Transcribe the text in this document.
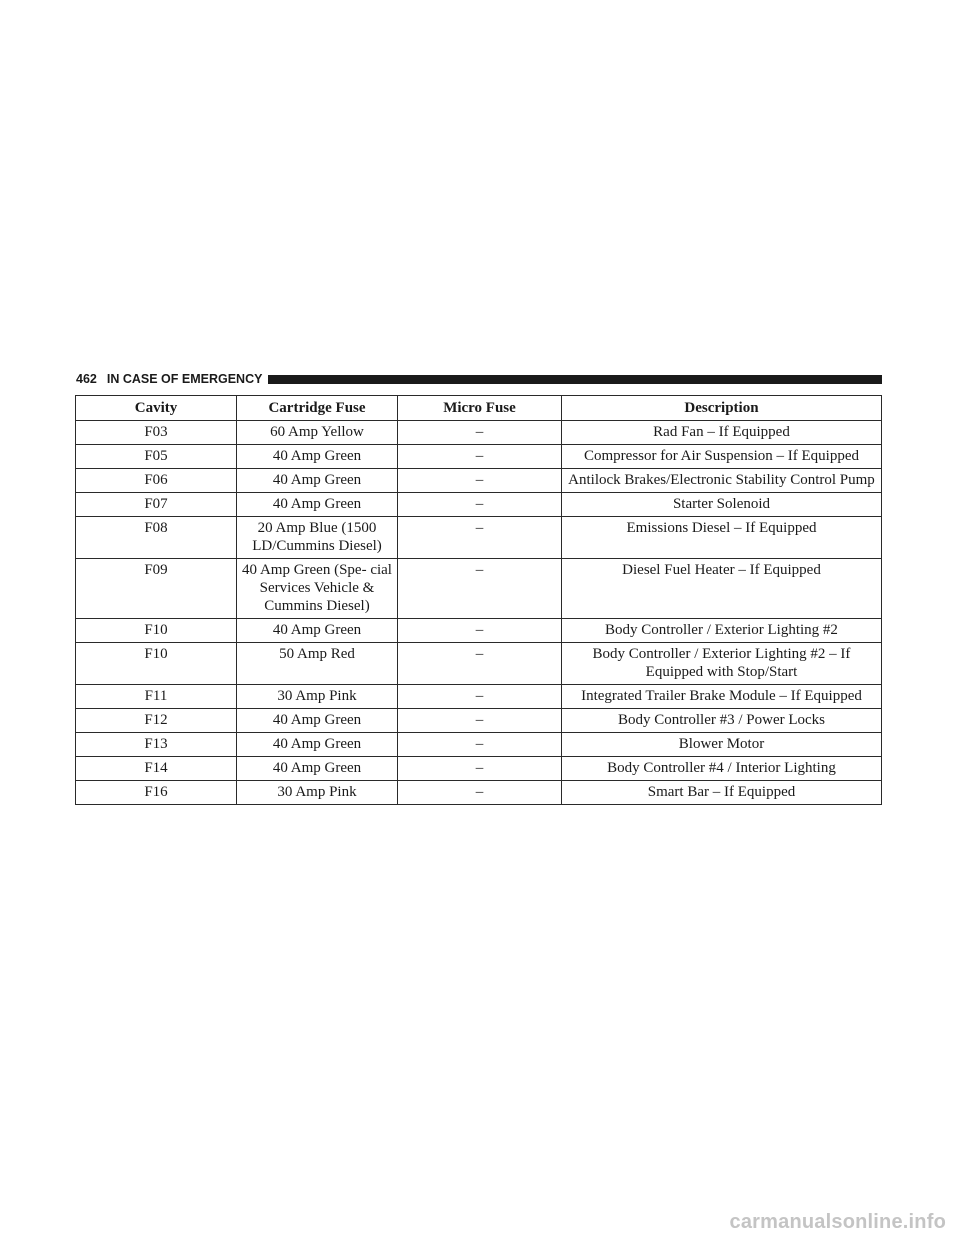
462 IN CASE OF EMERGENCY
Cavity	Cartridge Fuse	Micro Fuse	Description
F03	60 Amp Yellow	–	Rad Fan – If Equipped
F05	40 Amp Green	–	Compressor for Air Suspension – If Equipped
F06	40 Amp Green	–	Antilock Brakes/Electronic Stability Control Pump
F07	40 Amp Green	–	Starter Solenoid
F08	20 Amp Blue (1500 LD/Cummins Diesel)	–	Emissions Diesel – If Equipped
F09	40 Amp Green (Spe- cial Services Vehicle & Cummins Diesel)	–	Diesel Fuel Heater – If Equipped
F10	40 Amp Green	–	Body Controller / Exterior Lighting #2
F10	50 Amp Red	–	Body Controller / Exterior Lighting #2 – If Equipped with Stop/Start
F11	30 Amp Pink	–	Integrated Trailer Brake Module – If Equipped
F12	40 Amp Green	–	Body Controller #3 / Power Locks
F13	40 Amp Green	–	Blower Motor
F14	40 Amp Green	–	Body Controller #4 / Interior Lighting
F16	30 Amp Pink	–	Smart Bar – If Equipped
carmanualsonline.info
